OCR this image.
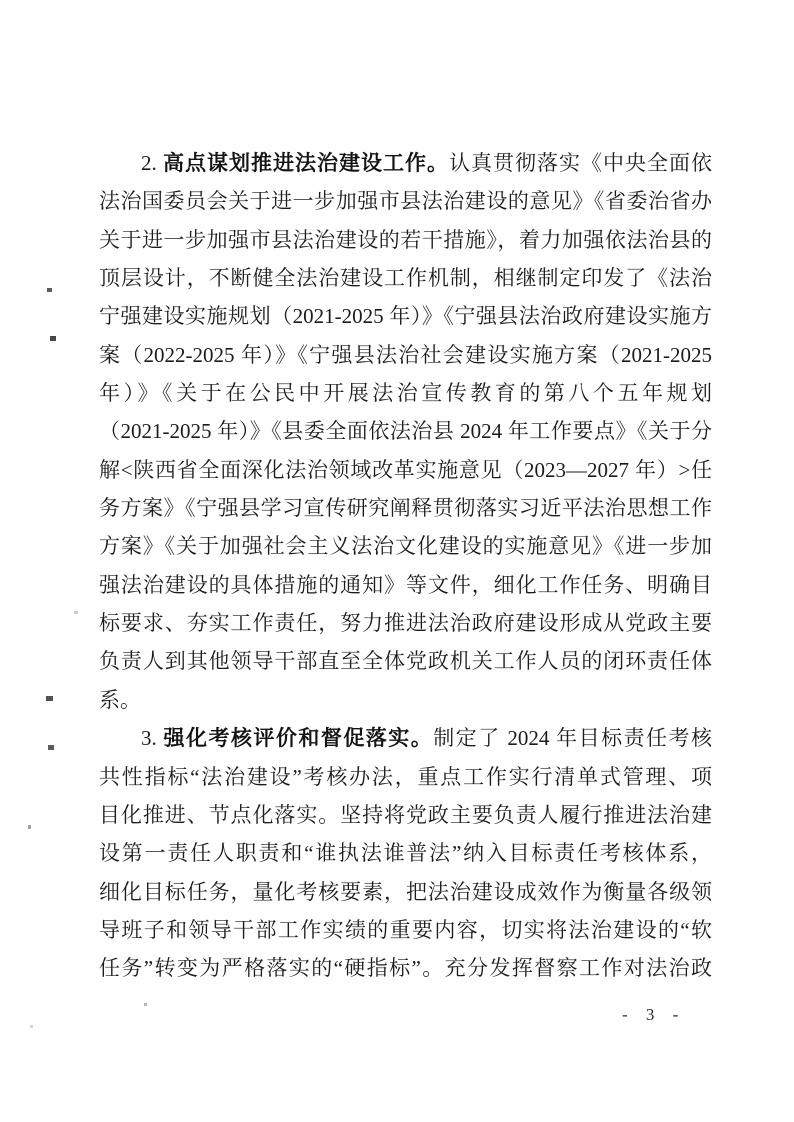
2. 高点谋划推进法治建设工作。认真贯彻落实《中央全面依
法治国委员会关于进一步加强市县法治建设的意见》《省委治省办
关于进一步加强市县法治建设的若干措施》，着力加强依法治县的
顶层设计，不断健全法治建设工作机制，相继制定印发了《法治
宁强建设实施规划（2021-2025 年）》《宁强县法治政府建设实施方
案（2022-2025 年）》《宁强县法治社会建设实施方案（2021-2025
年）》《关于在公民中开展法治宣传教育的第八个五年规划
（2021-2025 年）》《县委全面依法治县 2024 年工作要点》《关于分
解<陕西省全面深化法治领域改革实施意见（2023—2027 年）>任
务方案》《宁强县学习宣传研究阐释贯彻落实习近平法治思想工作
方案》《关于加强社会主义法治文化建设的实施意见》《进一步加
强法治建设的具体措施的通知》等文件，细化工作任务、明确目
标要求、夯实工作责任，努力推进法治政府建设形成从党政主要
负责人到其他领导干部直至全体党政机关工作人员的闭环责任体
系。
3. 强化考核评价和督促落实。制定了 2024 年目标责任考核
共性指标“法治建设”考核办法，重点工作实行清单式管理、项
目化推进、节点化落实。坚持将党政主要负责人履行推进法治建
设第一责任人职责和“谁执法谁普法”纳入目标责任考核体系，
细化目标任务，量化考核要素，把法治建设成效作为衡量各级领
导班子和领导干部工作实绩的重要内容，切实将法治建设的“软
任务”转变为严格落实的“硬指标”。充分发挥督察工作对法治政
- 3 -
